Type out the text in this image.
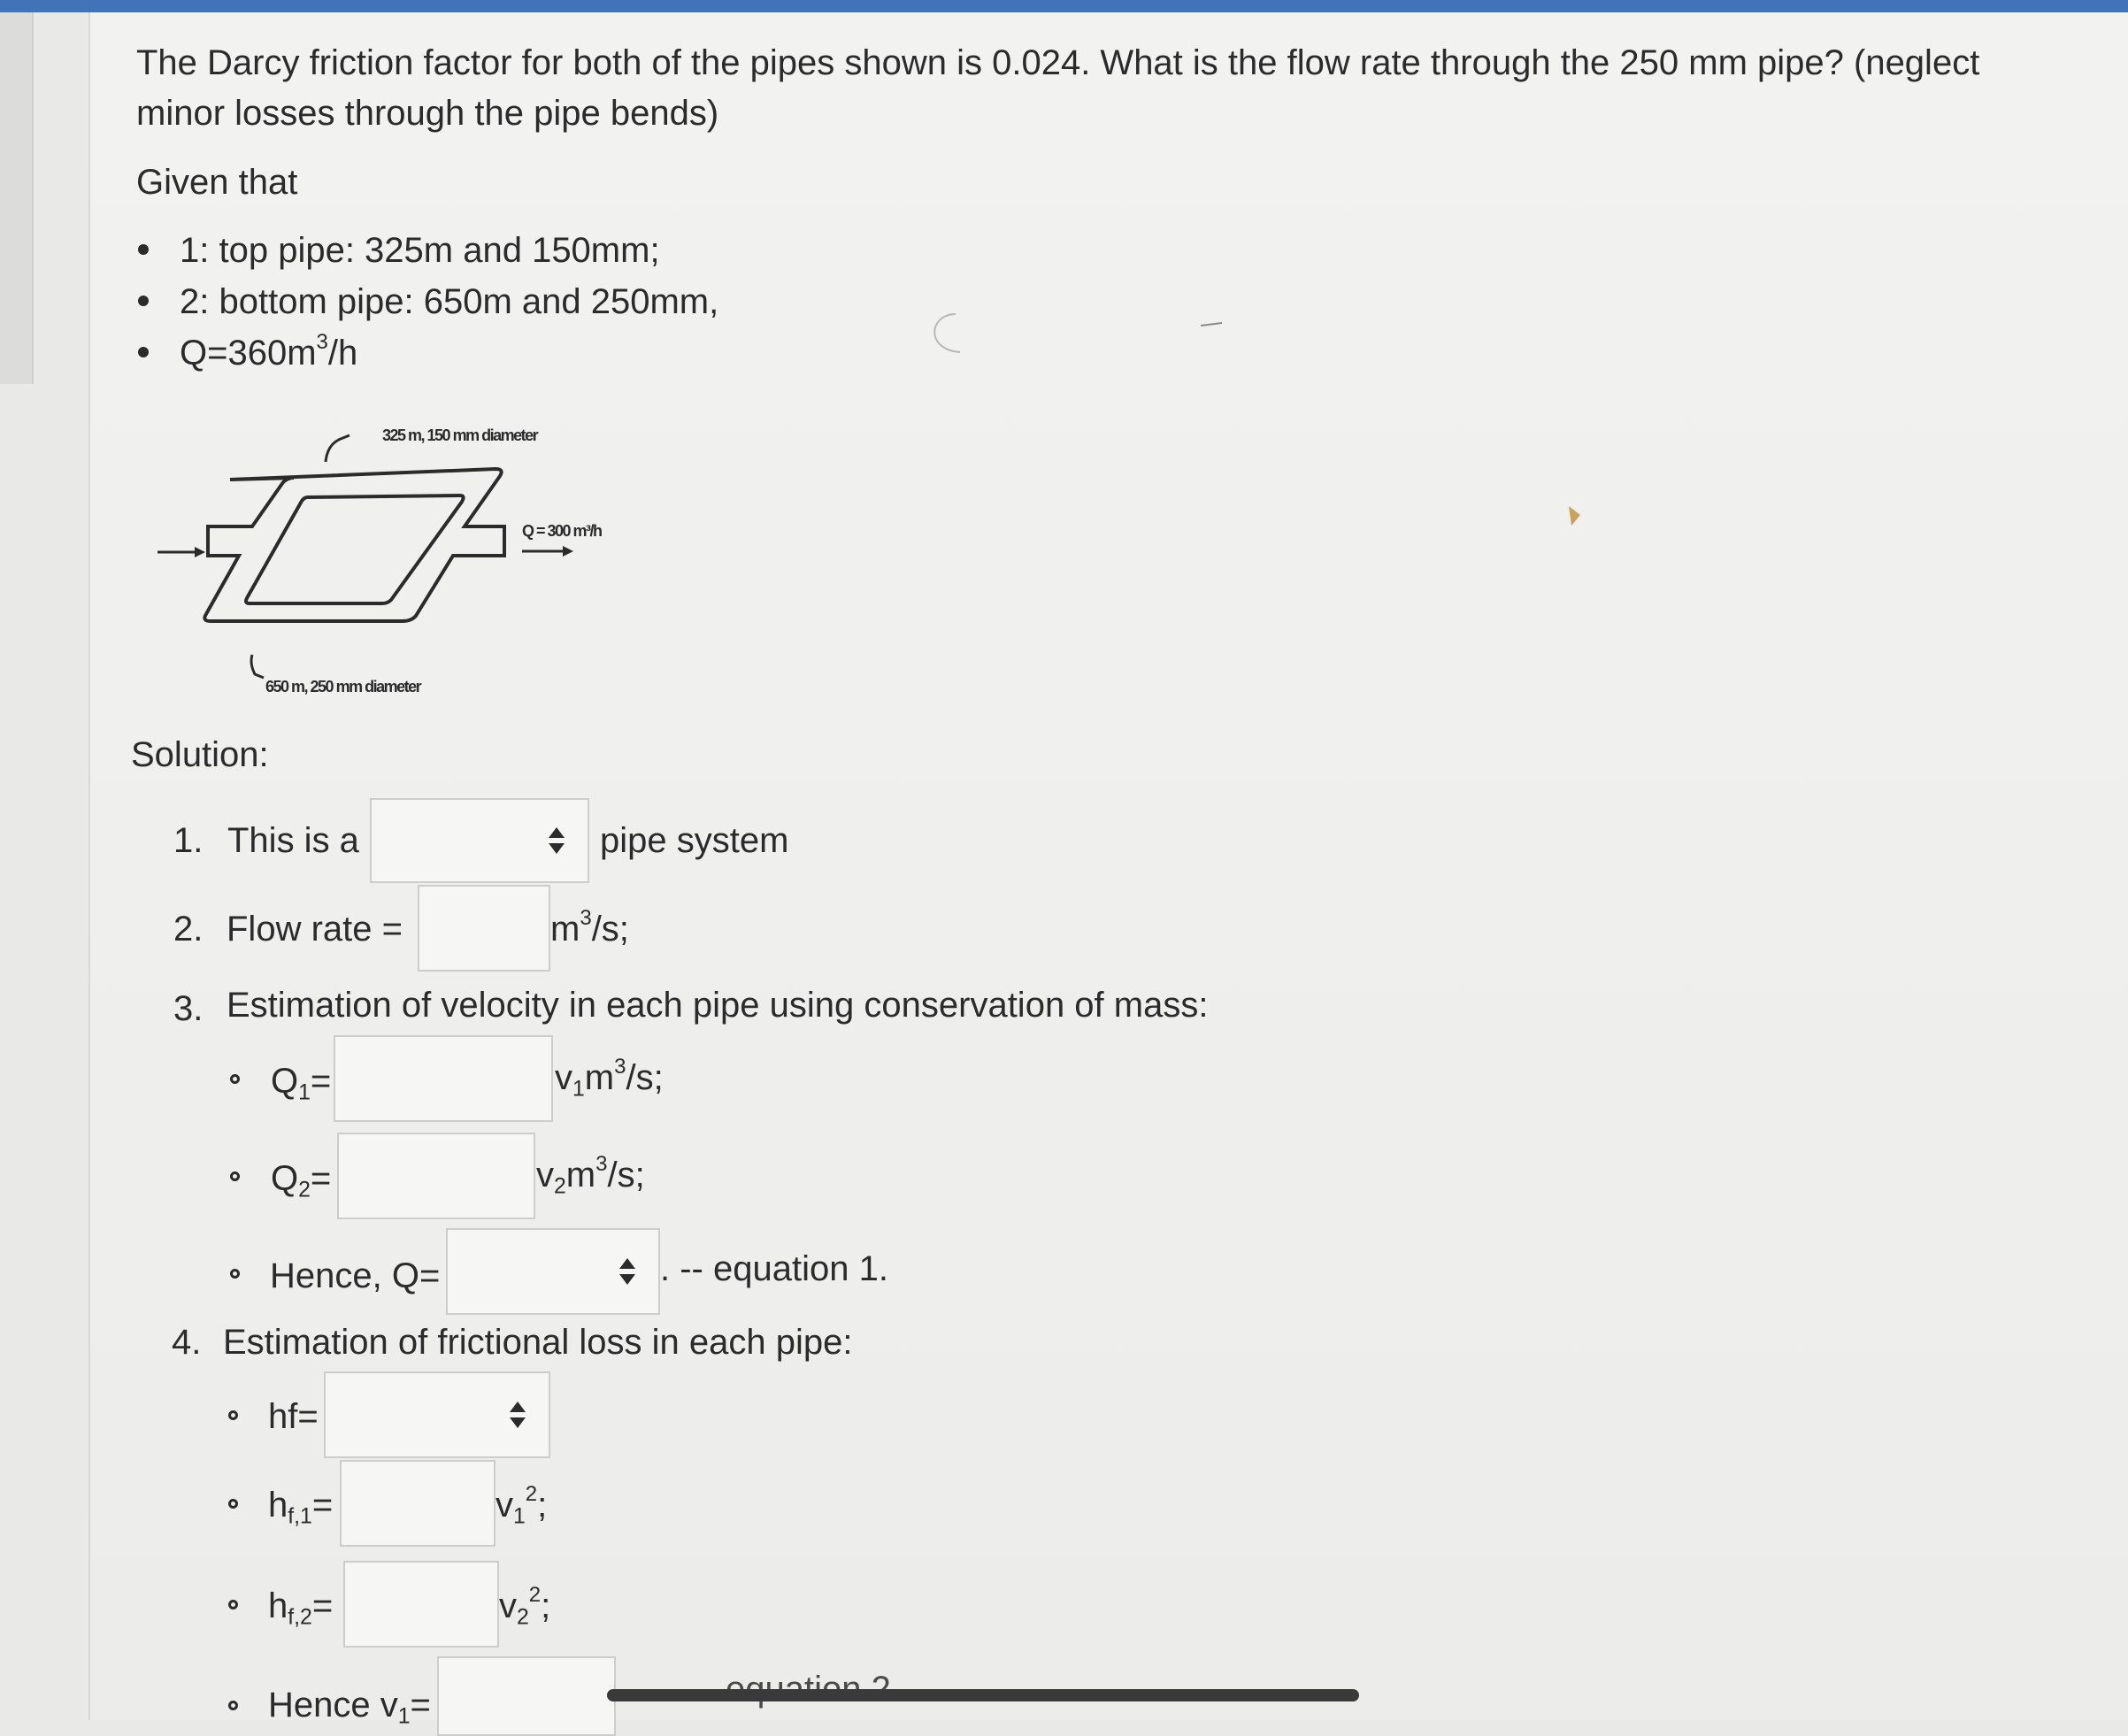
The Darcy friction factor for both of the pipes shown is 0.024. What is the flow rate through the 250 mm pipe? (neglect
minor losses through the pipe bends)
Given that
1: top pipe: 325m and 150mm;
2: bottom pipe: 650m and 250mm,
$Q=360m^3/h$
325 m, 150 mm diameter
Q = 300 m³/h
650 m, 250 mm diameter
Solution:
1. This is a	pipe system
2. Flow rate =	$m^3/s$;
3. Estimation of velocity in each pipe using conservation of mass:
$Q_1=$	$v_1m^3/s$;
$Q_2=$	$v_2m^3/s$;
Hence, Q=	. -- equation 1.
4. Estimation of frictional loss in each pipe:
hf=
$h_{f,1}=$	$v_1^2$;
$h_{f,2}=$	$v_2^2$;
Hence $v_1=$
